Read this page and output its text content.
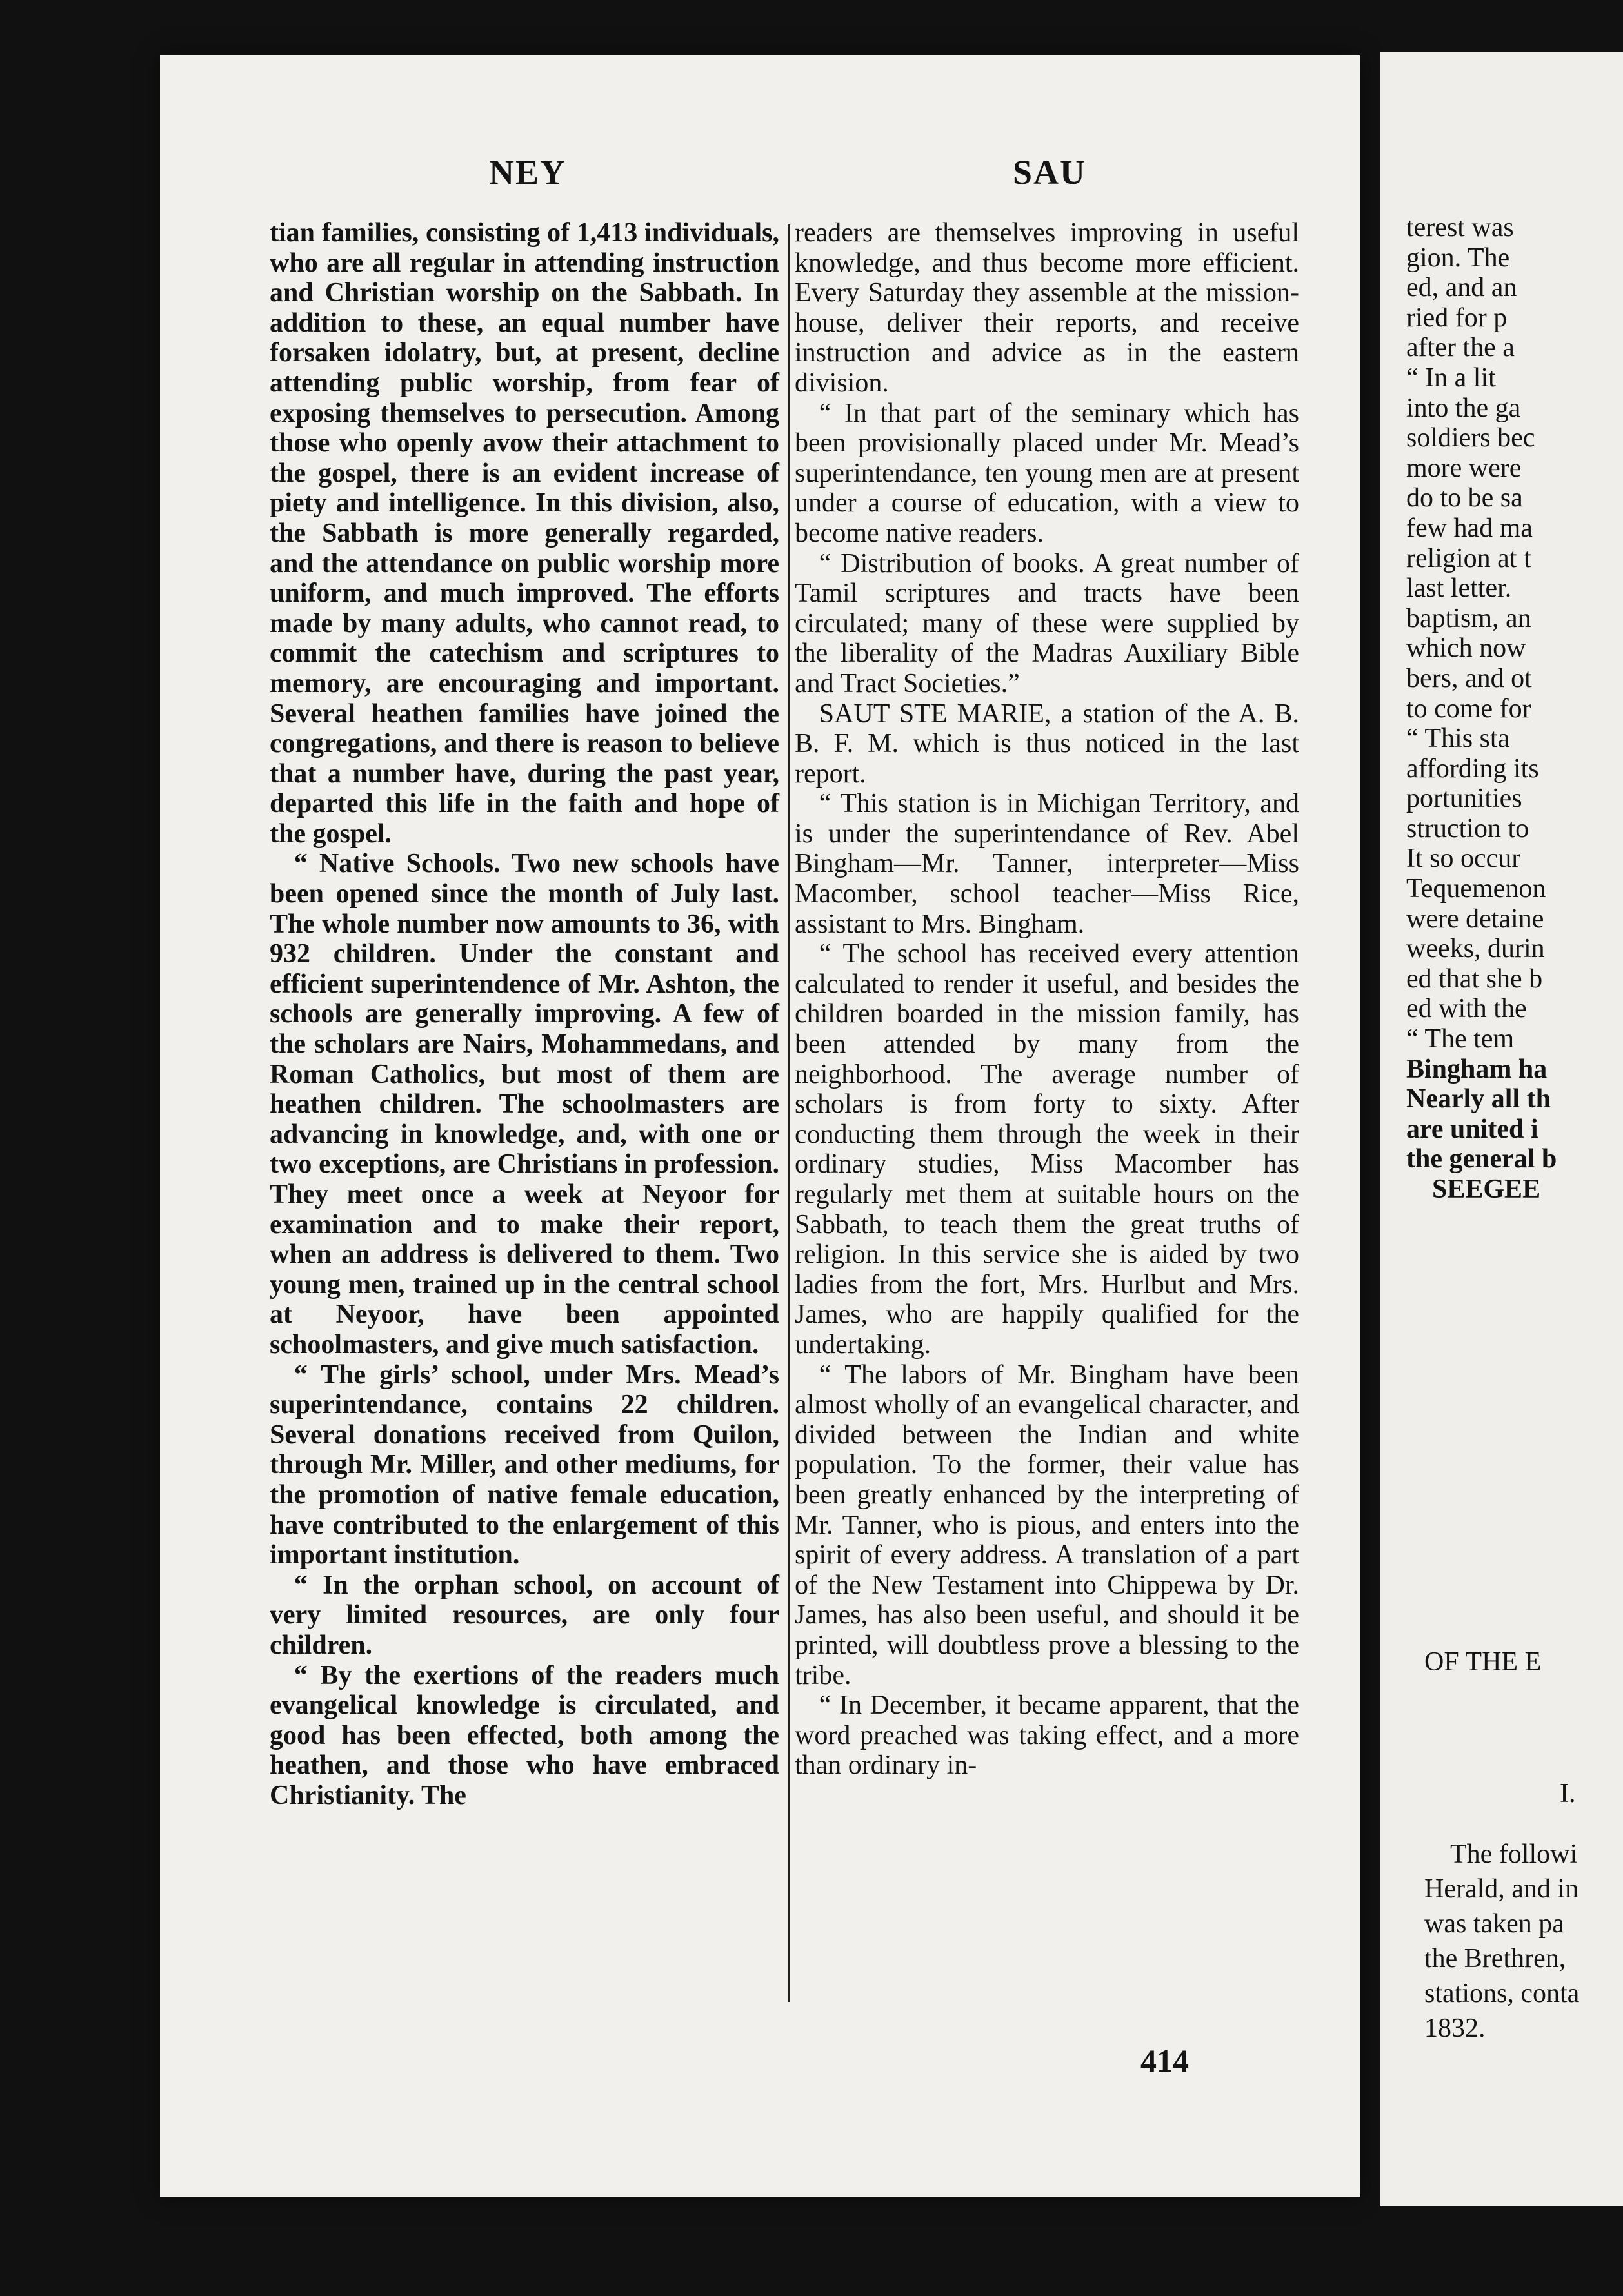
NEY	SAU

tian families, consisting of 1,413 individuals, who are all regular in attending instruction and Christian worship on the Sabbath. In addition to these, an equal number have forsaken idolatry, but, at present, decline attending public worship, from fear of exposing themselves to persecution. Among those who openly avow their attachment to the gospel, there is an evident increase of piety and intelligence. In this division, also, the Sabbath is more generally regarded, and the attendance on public worship more uniform, and much improved. The efforts made by many adults, who cannot read, to commit the catechism and scriptures to memory, are encouraging and important. Several heathen families have joined the congregations, and there is reason to believe that a number have, during the past year, departed this life in the faith and hope of the gospel.

“ Native Schools. Two new schools have been opened since the month of July last. The whole number now amounts to 36, with 932 children. Under the constant and efficient superintendence of Mr. Ashton, the schools are generally improving. A few of the scholars are Nairs, Mohammedans, and Roman Catholics, but most of them are heathen children. The schoolmasters are advancing in knowledge, and, with one or two exceptions, are Christians in profession. They meet once a week at Neyoor for examination and to make their report, when an address is delivered to them. Two young men, trained up in the central school at Neyoor, have been appointed schoolmasters, and give much satisfaction.

“ The girls’ school, under Mrs. Mead’s superintendance, contains 22 children. Several donations received from Quilon, through Mr. Miller, and other mediums, for the promotion of native female education, have contributed to the enlargement of this important institution.

“ In the orphan school, on account of very limited resources, are only four children.

“ By the exertions of the readers much evangelical knowledge is circulated, and good has been effected, both among the heathen, and those who have embraced Christianity. The

readers are themselves improving in useful knowledge, and thus become more efficient. Every Saturday they assemble at the mission-house, deliver their reports, and receive instruction and advice as in the eastern division.

“ In that part of the seminary which has been provisionally placed under Mr. Mead’s superintendance, ten young men are at present under a course of education, with a view to become native readers.

“ Distribution of books. A great number of Tamil scriptures and tracts have been circulated; many of these were supplied by the liberality of the Madras Auxiliary Bible and Tract Societies.”

SAUT STE MARIE, a station of the A. B. B. F. M. which is thus noticed in the last report.

“ This station is in Michigan Territory, and is under the superintendance of Rev. Abel Bingham—Mr. Tanner, interpreter—Miss Macomber, school teacher—Miss Rice, assistant to Mrs. Bingham.

“ The school has received every attention calculated to render it useful, and besides the children boarded in the mission family, has been attended by many from the neighborhood. The average number of scholars is from forty to sixty. After conducting them through the week in their ordinary studies, Miss Macomber has regularly met them at suitable hours on the Sabbath, to teach them the great truths of religion. In this service she is aided by two ladies from the fort, Mrs. Hurlbut and Mrs. James, who are happily qualified for the undertaking.

“ The labors of Mr. Bingham have been almost wholly of an evangelical character, and divided between the Indian and white population. To the former, their value has been greatly enhanced by the interpreting of Mr. Tanner, who is pious, and enters into the spirit of every address. A translation of a part of the New Testament into Chippewa by Dr. James, has also been useful, and should it be printed, will doubtless prove a blessing to the tribe.

“ In December, it became apparent, that the word preached was taking effect, and a more than ordinary in-

414
terest was
gion. The
ed, and an
ried for p
after the a
“ In a lit
into the ga
soldiers bec
more were
do to be sa
few had ma
religion at t
last letter.
baptism, an
which now
bers, and ot
to come for
“ This sta
affording its
portunities
struction to
It so occur
Tequemenon
were detaine
weeks, durin
ed that she b
ed with the
“ The tem
Bingham ha
Nearly all th
are united i
the general b
SEEGEE
OF THE E
I.
The followi
Herald, and in
was taken pa
the Brethren,
stations, conta
1832.
